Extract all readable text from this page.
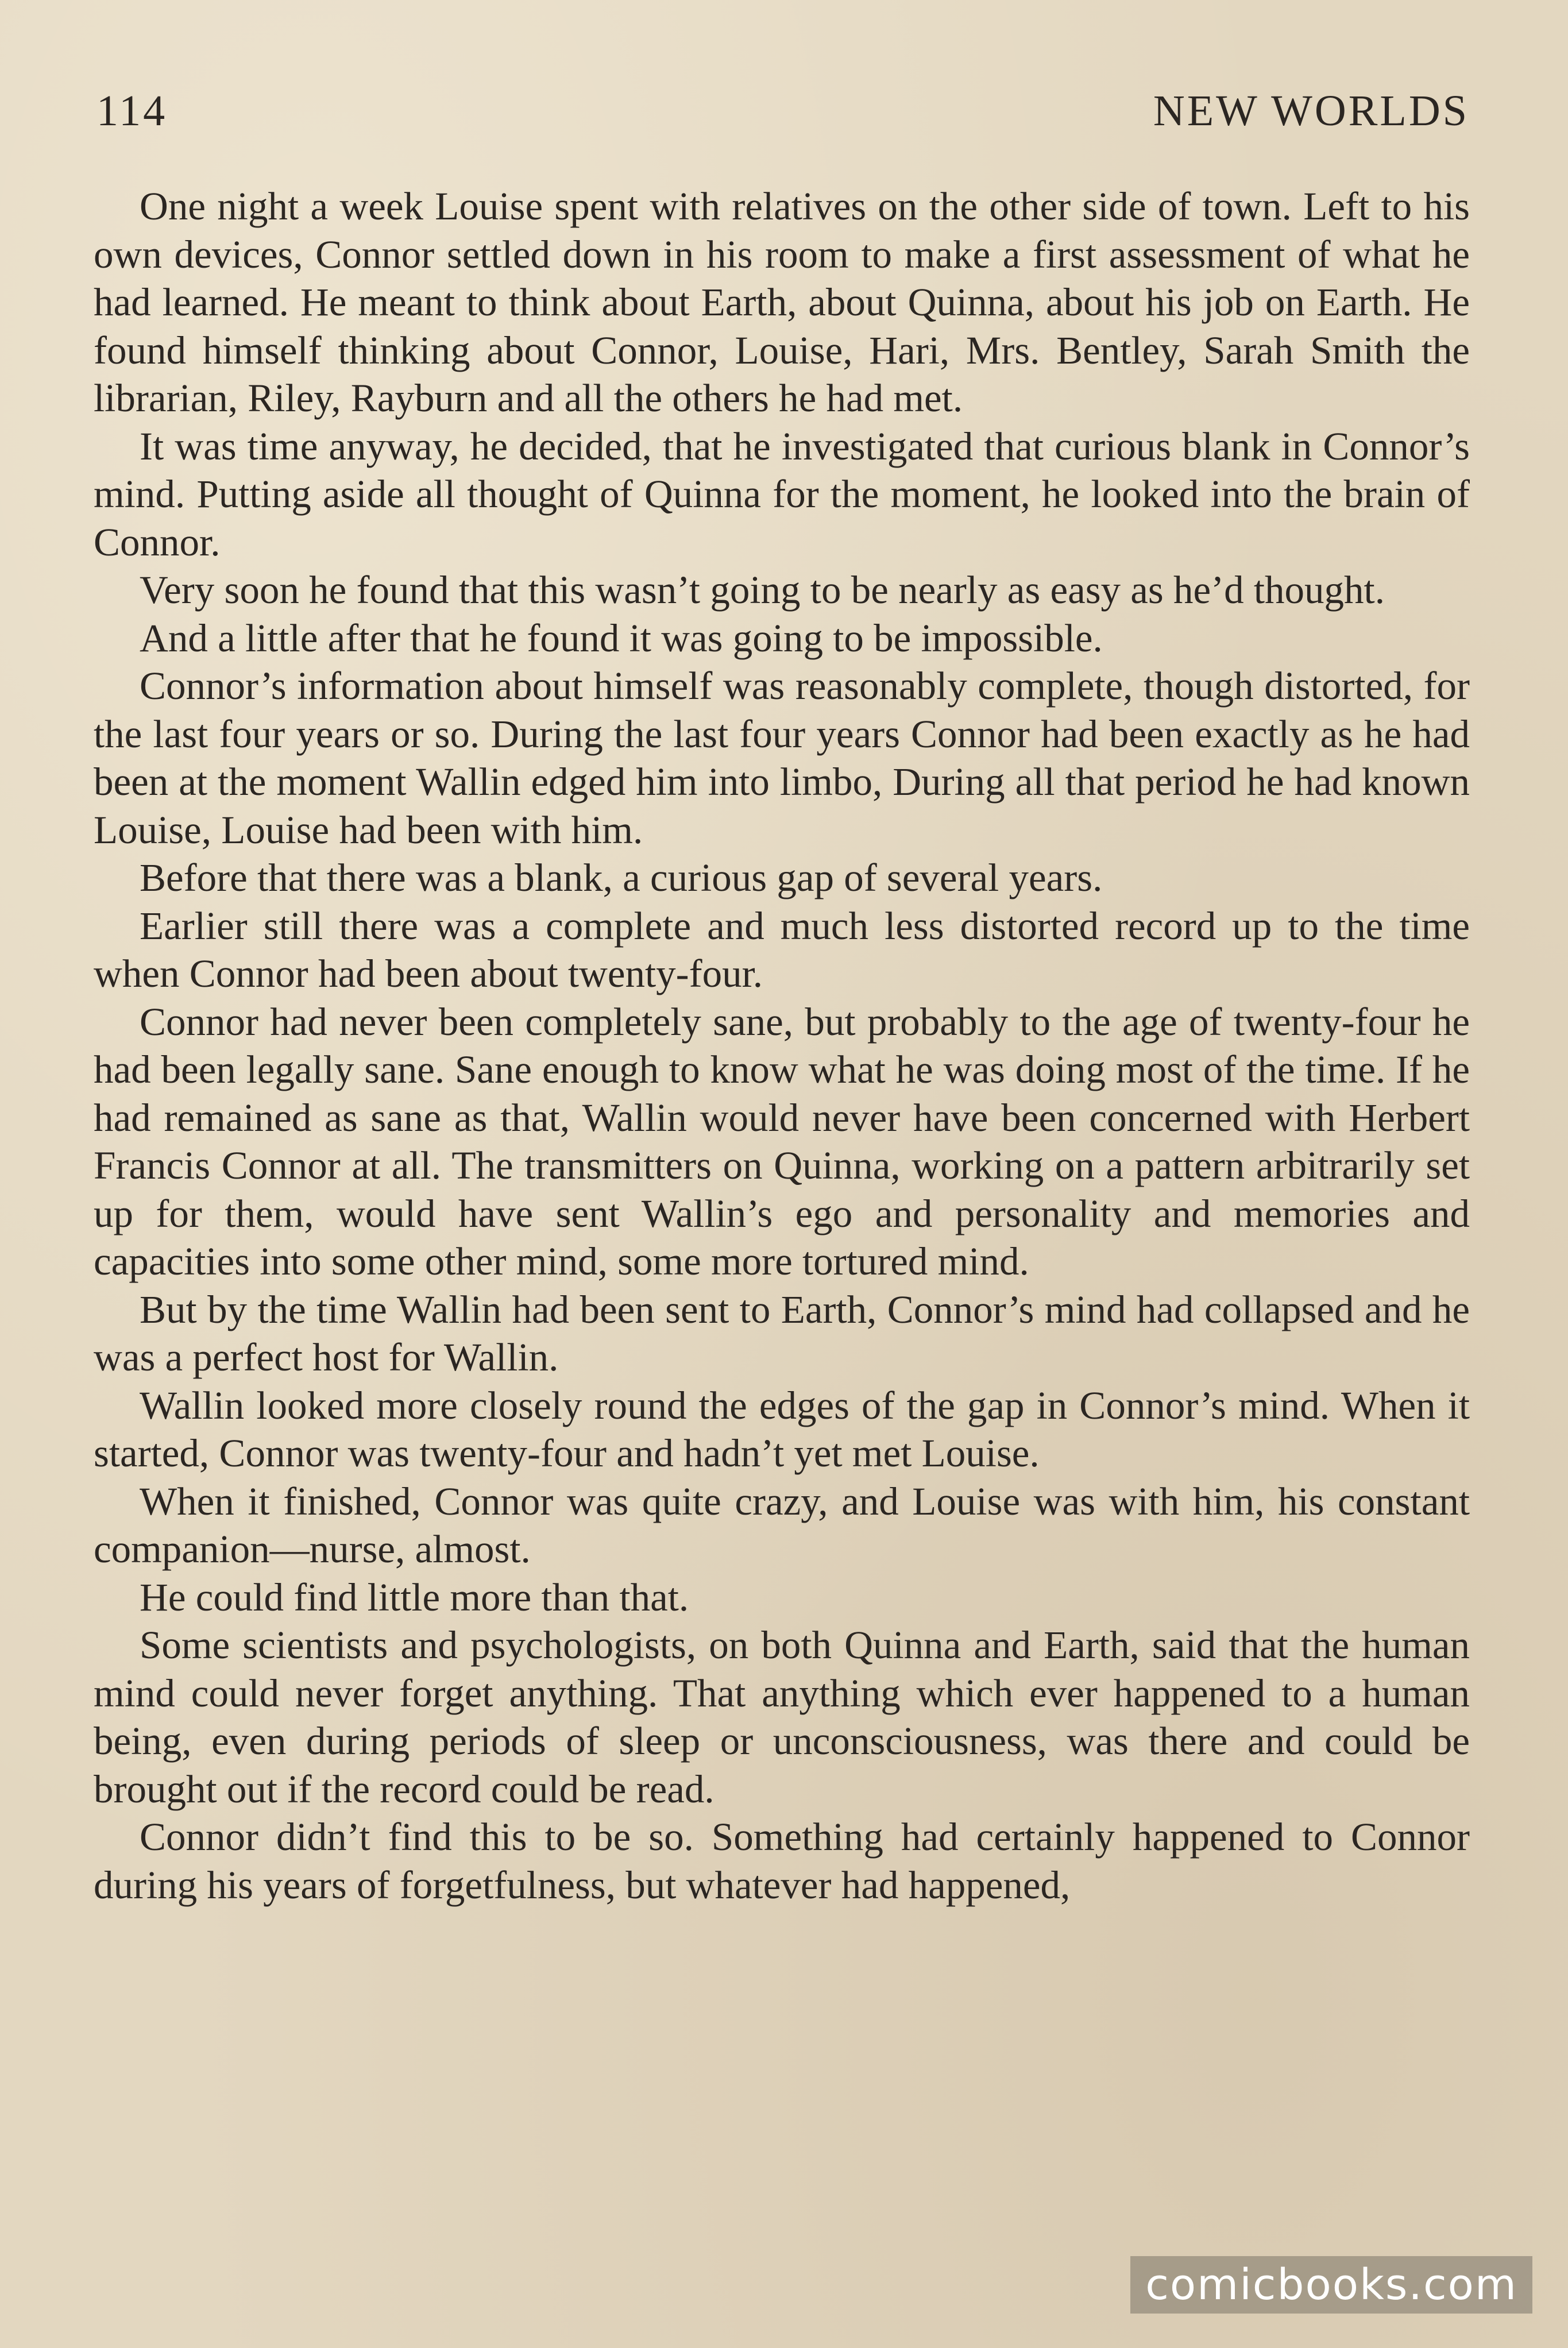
114	NEW WORLDS

One night a week Louise spent with relatives on the other side of town. Left to his own devices, Connor settled down in his room to make a first assessment of what he had learned. He meant to think about Earth, about Quinna, about his job on Earth. He found himself thinking about Connor, Louise, Hari, Mrs. Bentley, Sarah Smith the librarian, Riley, Rayburn and all the others he had met.

It was time anyway, he decided, that he investigated that curious blank in Connor’s mind. Putting aside all thought of Quinna for the moment, he looked into the brain of Connor.

Very soon he found that this wasn’t going to be nearly as easy as he’d thought.

And a little after that he found it was going to be impossible.

Connor’s information about himself was reasonably complete, though distorted, for the last four years or so. During the last four years Connor had been exactly as he had been at the moment Wallin edged him into limbo, During all that period he had known Louise, Louise had been with him.

Before that there was a blank, a curious gap of several years.

Earlier still there was a complete and much less distorted record up to the time when Connor had been about twenty-four.

Connor had never been completely sane, but probably to the age of twenty-four he had been legally sane. Sane enough to know what he was doing most of the time. If he had remained as sane as that, Wallin would never have been concerned with Herbert Francis Connor at all. The transmitters on Quinna, working on a pattern arbitrarily set up for them, would have sent Wallin’s ego and personality and memories and capacities into some other mind, some more tortured mind.

But by the time Wallin had been sent to Earth, Connor’s mind had collapsed and he was a perfect host for Wallin.

Wallin looked more closely round the edges of the gap in Connor’s mind. When it started, Connor was twenty-four and hadn’t yet met Louise.

When it finished, Connor was quite crazy, and Louise was with him, his constant companion—nurse, almost.

He could find little more than that.

Some scientists and psychologists, on both Quinna and Earth, said that the human mind could never forget anything. That anything which ever happened to a human being, even during periods of sleep or unconsciousness, was there and could be brought out if the record could be read.

Connor didn’t find this to be so. Something had certainly happened to Connor during his years of forgetfulness, but whatever had happened,

comicbooks.com
